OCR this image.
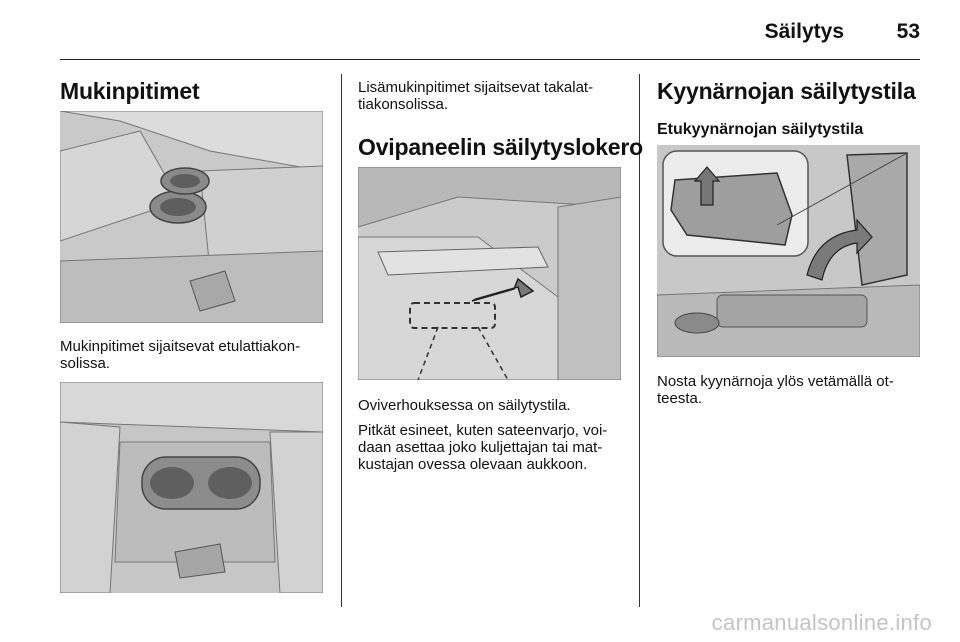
Säilytys	53
Mukinpitimet

Mukinpitimet sijaitsevat etulattiakon-
solissa.

Lisämukinpitimet sijaitsevat takalat-
tiakonsolissa.

Ovipaneelin säilytyslokero

Oviverhouksessa on säilytystila.

Pitkät esineet, kuten sateenvarjo, voi-
daan asettaa joko kuljettajan tai mat-
kustajan ovessa olevaan aukkoon.

Kyynärnojan säilytystila
Etukyynärnojan säilytystila

Nosta kyynärnoja ylös vetämällä ot-
teesta.

carmanualsonline.info
